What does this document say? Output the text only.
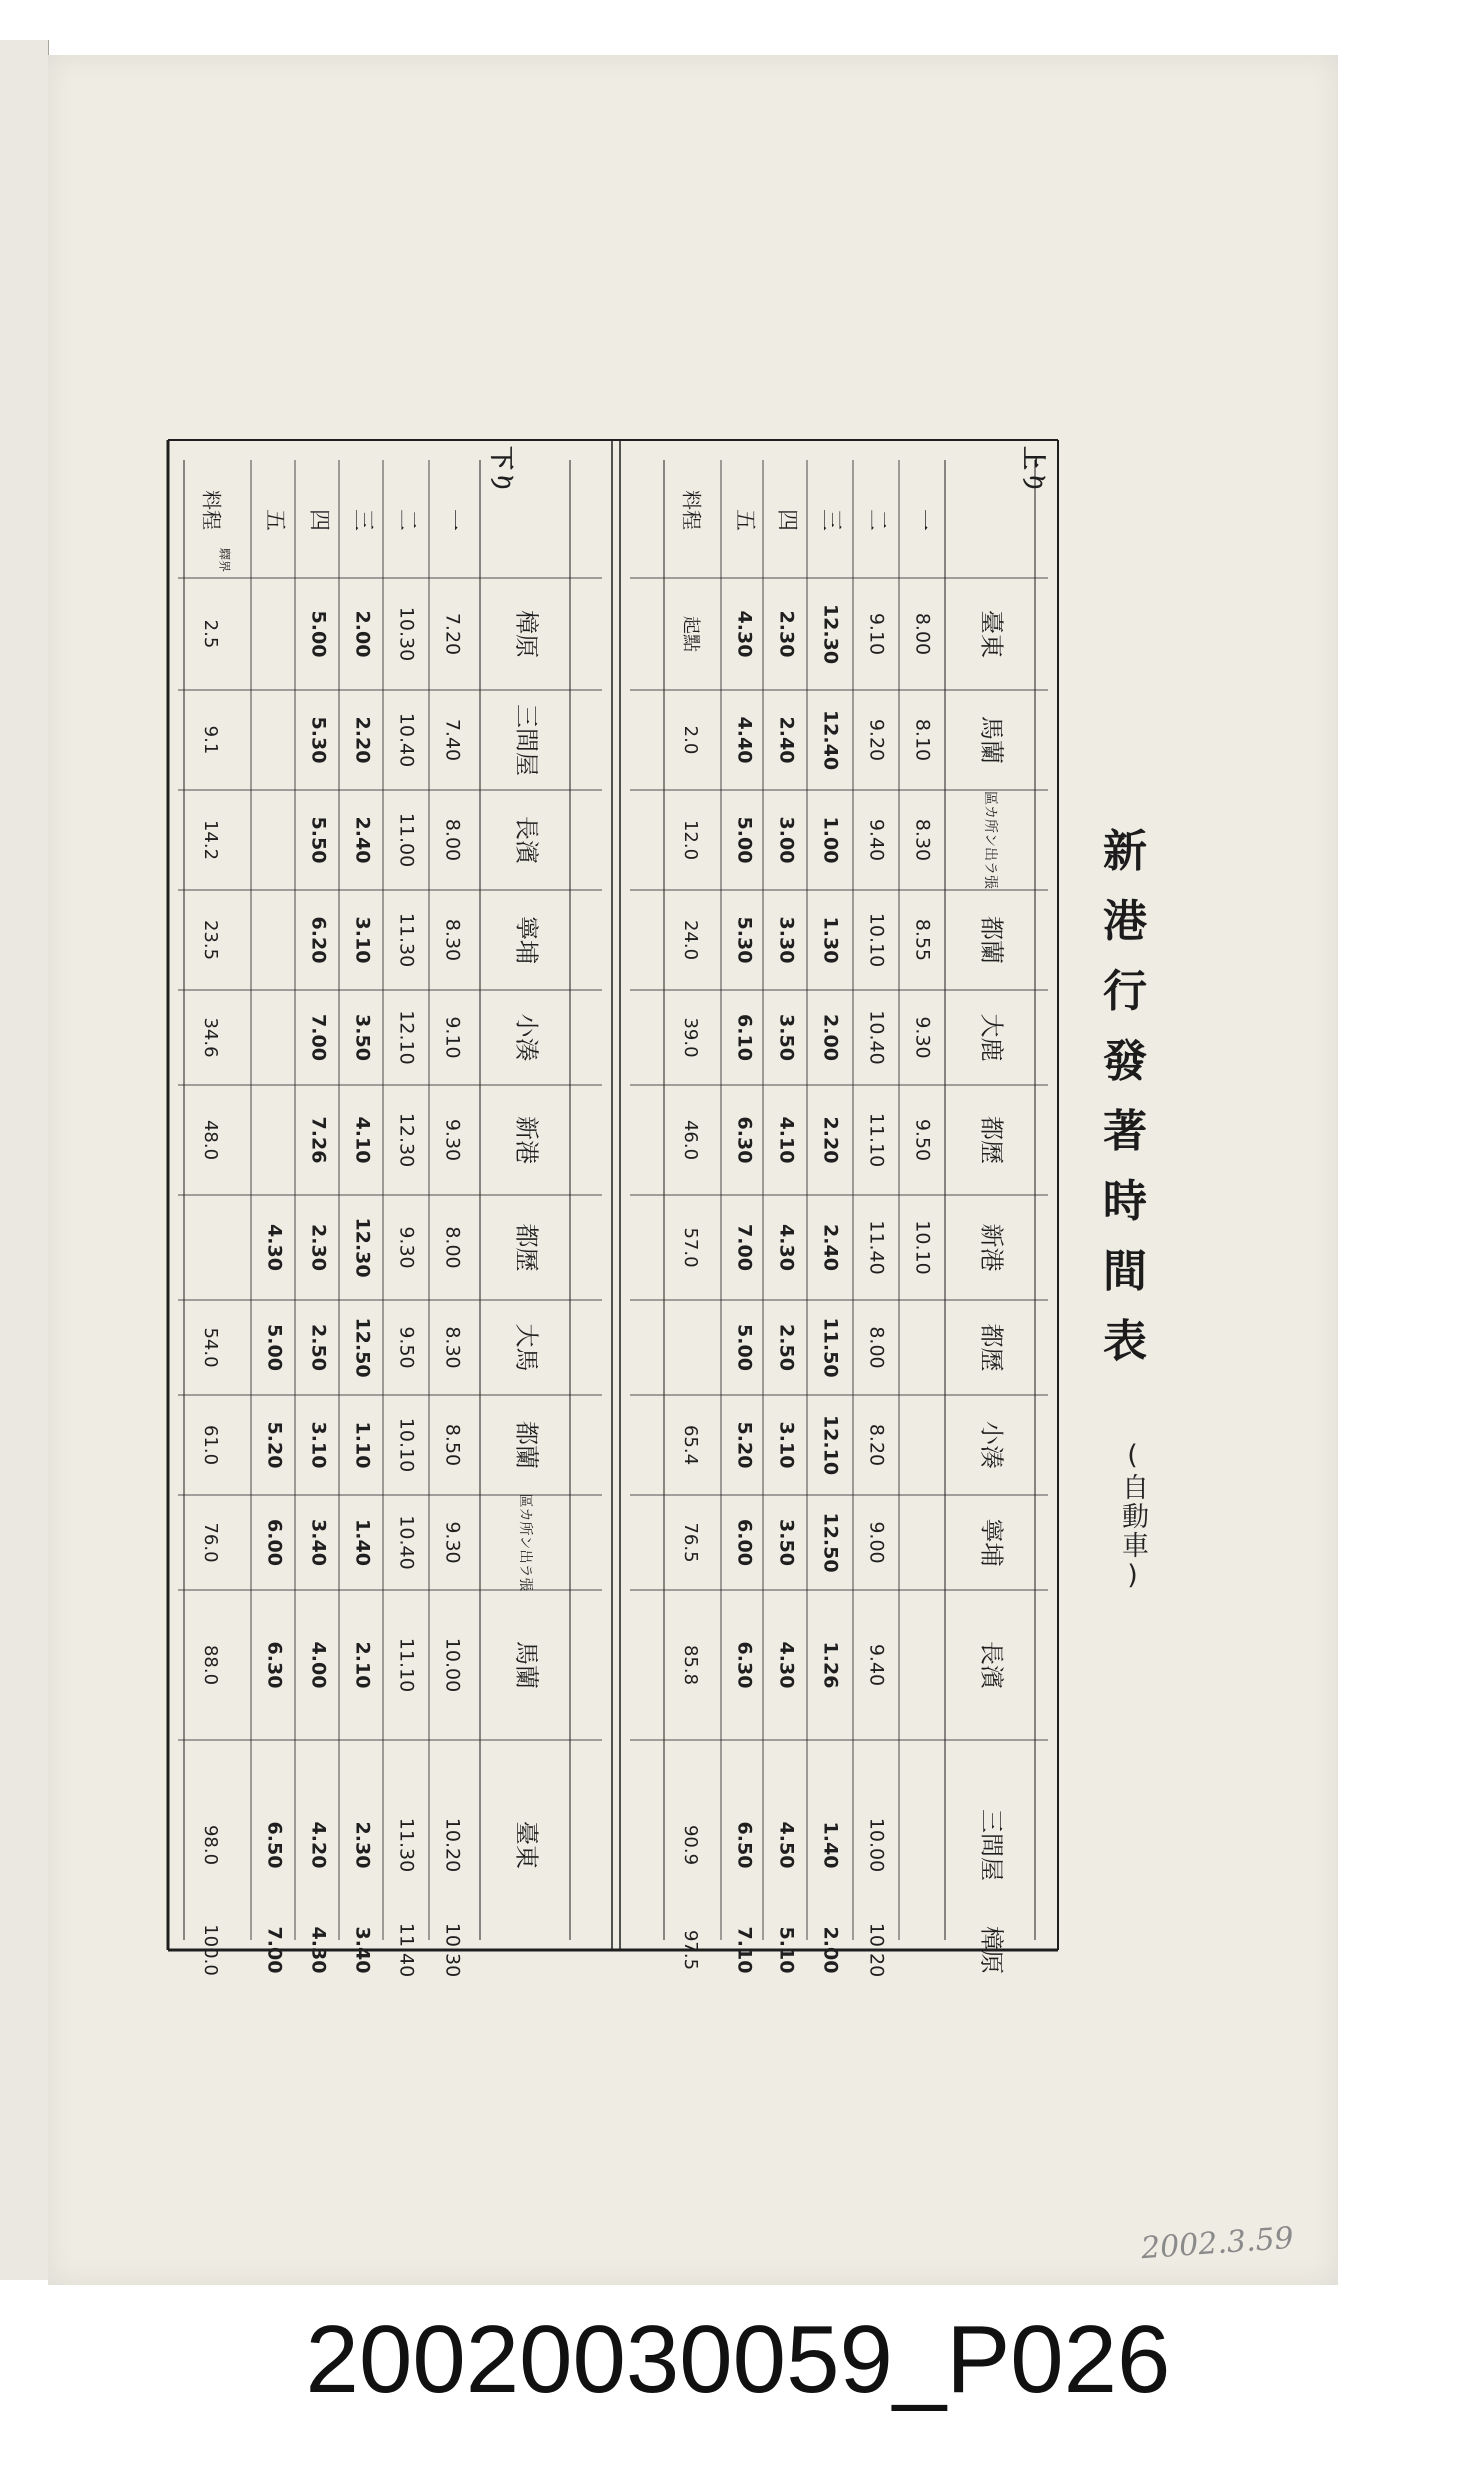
新
港
行
發
著
時
間
表
(自動車)
上り
臺東
馬蘭
區カ所ン出ラ張
都蘭
大鹿
都歷
新港
都歷
小湊
寧埔
長濱
三間屋
樟原
一
8.00
8.10
8.30
8.55
9.30
9.50
10.10
二
9.10
9.20
9.40
10.10
10.40
11.10
11.40
8.00
8.20
9.00
9.40
10.00
10.20
三
12.30
12.40
1.00
1.30
2.00
2.20
2.40
11.50
12.10
12.50
1.26
1.40
2.00
四
2.30
2.40
3.00
3.30
3.50
4.10
4.30
2.50
3.10
3.50
4.30
4.50
5.10
五
4.30
4.40
5.00
5.30
6.10
6.30
7.00
5.00
5.20
6.00
6.30
6.50
7.10
料程
起點
2.0
12.0
24.0
39.0
46.0
57.0
65.4
76.5
85.8
90.9
97.5
下り
樟原
三間屋
長濱
寧埔
小湊
新港
都歷
大馬
都蘭
區カ所ン出ラ張
馬蘭
臺東
一
7.20
7.40
8.00
8.30
9.10
9.30
8.00
8.30
8.50
9.30
10.00
10.20
10.30
二
10.30
10.40
11.00
11.30
12.10
12.30
9.30
9.50
10.10
10.40
11.10
11.30
11.40
三
2.00
2.20
2.40
3.10
3.50
4.10
12.30
12.50
1.10
1.40
2.10
2.30
3.40
四
5.00
5.30
5.50
6.20
7.00
7.26
2.30
2.50
3.10
3.40
4.00
4.20
4.30
五
4.30
5.00
5.20
6.00
6.30
6.50
7.00
料程
驛界
2.5
9.1
14.2
23.5
34.6
48.0
54.0
61.0
76.0
88.0
98.0
100.0
2002.3.59
20020030059_P026
